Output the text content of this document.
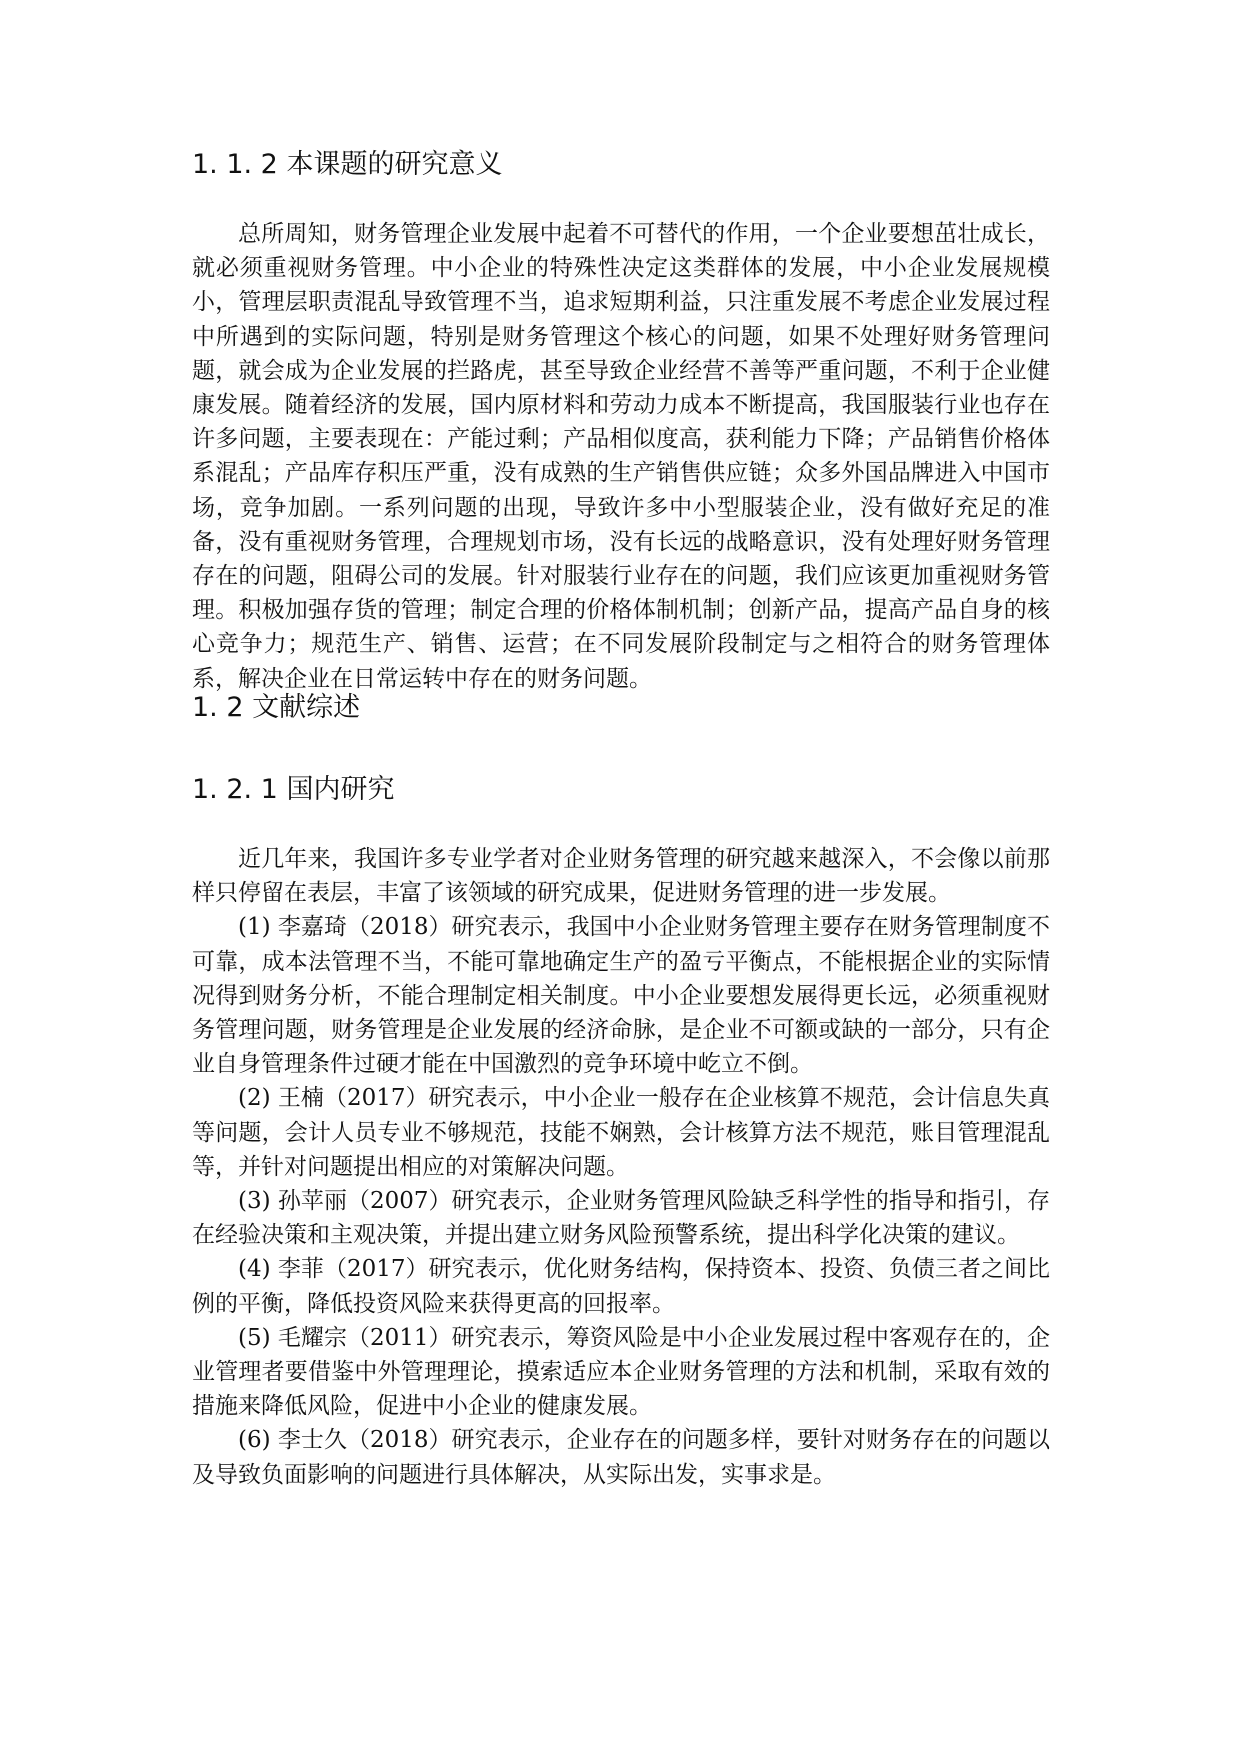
1. 1. 2 本课题的研究意义

总所周知，财务管理企业发展中起着不可替代的作用，一个企业要想茁壮成长，就必须重视财务管理。中小企业的特殊性决定这类群体的发展，中小企业发展规模小，管理层职责混乱导致管理不当，追求短期利益，只注重发展不考虑企业发展过程中所遇到的实际问题，特别是财务管理这个核心的问题，如果不处理好财务管理问题，就会成为企业发展的拦路虎，甚至导致企业经营不善等严重问题，不利于企业健康发展。随着经济的发展，国内原材料和劳动力成本不断提高，我国服装行业也存在许多问题，主要表现在：产能过剩；产品相似度高，获利能力下降；产品销售价格体系混乱；产品库存积压严重，没有成熟的生产销售供应链；众多外国品牌进入中国市场，竞争加剧。一系列问题的出现，导致许多中小型服装企业，没有做好充足的准备，没有重视财务管理，合理规划市场，没有长远的战略意识，没有处理好财务管理存在的问题，阻碍公司的发展。针对服装行业存在的问题，我们应该更加重视财务管理。积极加强存货的管理；制定合理的价格体制机制；创新产品，提高产品自身的核心竞争力；规范生产、销售、运营；在不同发展阶段制定与之相符合的财务管理体系，解决企业在日常运转中存在的财务问题。

1. 2 文献综述
1. 2. 1 国内研究

近几年来，我国许多专业学者对企业财务管理的研究越来越深入，不会像以前那样只停留在表层，丰富了该领域的研究成果，促进财务管理的进一步发展。

(1) 李嘉琦（2018）研究表示，我国中小企业财务管理主要存在财务管理制度不可靠，成本法管理不当，不能可靠地确定生产的盈亏平衡点，不能根据企业的实际情况得到财务分析，不能合理制定相关制度。中小企业要想发展得更长远，必须重视财务管理问题，财务管理是企业发展的经济命脉，是企业不可额或缺的一部分，只有企业自身管理条件过硬才能在中国激烈的竞争环境中屹立不倒。

(2) 王楠（2017）研究表示，中小企业一般存在企业核算不规范，会计信息失真等问题，会计人员专业不够规范，技能不娴熟，会计核算方法不规范，账目管理混乱等，并针对问题提出相应的对策解决问题。

(3) 孙苹丽（2007）研究表示，企业财务管理风险缺乏科学性的指导和指引，存在经验决策和主观决策，并提出建立财务风险预警系统，提出科学化决策的建议。

(4) 李菲（2017）研究表示，优化财务结构，保持资本、投资、负债三者之间比例的平衡，降低投资风险来获得更高的回报率。

(5) 毛耀宗（2011）研究表示，筹资风险是中小企业发展过程中客观存在的，企业管理者要借鉴中外管理理论，摸索适应本企业财务管理的方法和机制，采取有效的措施来降低风险，促进中小企业的健康发展。

(6) 李士久（2018）研究表示，企业存在的问题多样，要针对财务存在的问题以及导致负面影响的问题进行具体解决，从实际出发，实事求是。
